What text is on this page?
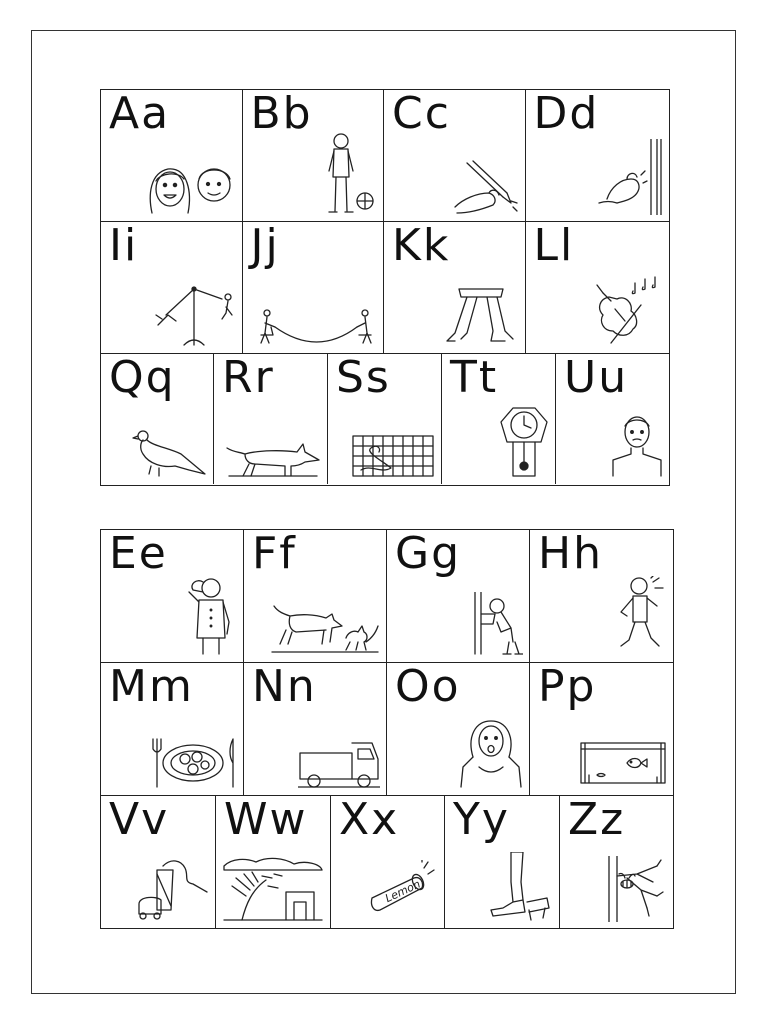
Aa Bb Cc Dd
Ii	Jj	Kk Ll
Qq Rr Ss Tt Uu
Ee Ff Gg Hh
Mm Nn Oo Pp
Vv Ww Xx
Lemon
Yy Zz
